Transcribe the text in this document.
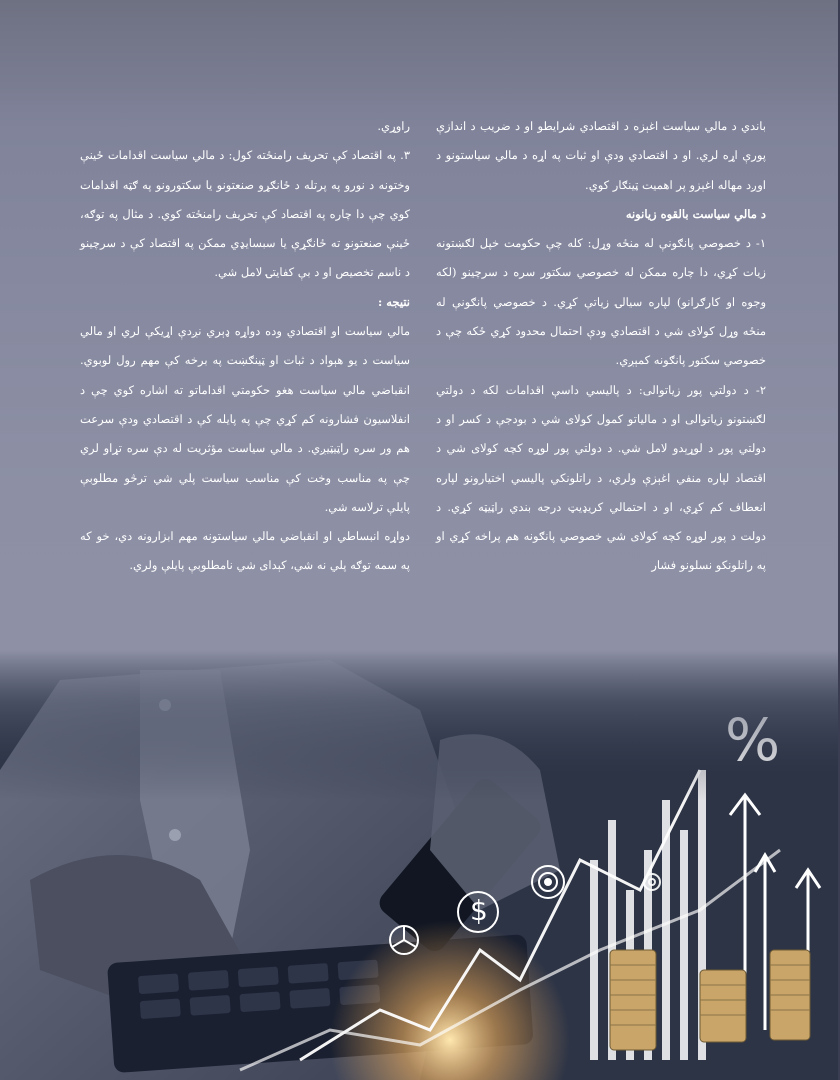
باندي د مالي سياست اغېزه د اقتصادي شرايطو او د ضريب د اندازې پورې اړه لري. او د اقتصادي ودې او ثبات په اړه د مالي سياستونو د اوږد مهاله اغېزو پر اهميت ټينګار کوي.

د مالي سياست بالقوه زيانونه

١- د خصوصي پانګونې له منځه وړل: کله چې حکومت خپل لګښتونه زيات کړي، دا چاره ممکن له خصوصي سکتور سره د سرچينو (لکه وجوه او کارګرانو) لپاره سيالۍ زياتې کړي. د خصوصي پانګونې له منځه وړل کولای شي د اقتصادي ودې احتمال محدود کړي ځکه چې د خصوصي سکتور پانګونه کمېږي.

٢- د دولتي پور زياتوالی: د پاليسي داسې اقدامات لکه د دولتي لګښتونو زياتوالی او د مالياتو کمول کولای شي د بودجې د کسر او د دولتي پور د لوړېدو لامل شي. د دولتي پور لوړه کچه کولای شي د اقتصاد لپاره منفي اغېزې ولري، د راتلونکي پاليسي اختيارونو لپاره انعطاف کم کړي، او د احتمالي کريډيټ درجه بندي راټيټه کړي. د دولت د پور لوړه کچه کولای شي خصوصي پانګونه هم پراخه کړي او په راتلونکو نسلونو فشار

راوړي.

٣. په اقتصاد کې تحريف رامنځته کول: د مالي سياست اقدامات ځينې وختونه د نورو په پرتله د ځانګړو صنعتونو يا سکتورونو په ګټه اقدامات کوي چې دا چاره په اقتصاد کې تحريف رامنځته کوي. د مثال په توګه، ځينې صنعتونو ته ځانګړې يا سبسايډي ممکن په اقتصاد کې د سرچينو د ناسم تخصيص او د بې کفايتۍ لامل شي.

نتيجه :

مالي سياست او اقتصادي وده دواړه ډېري نږدې اړيکې لري او مالي سياست د يو هېواد د ثبات او ټينګښت په برخه کې مهم رول لوبوي. انقباضي مالي سياست هغو حکومتي اقداماتو ته اشاره کوي چې د انفلاسيون فشارونه کم کړي چې په پايله کې د اقتصادي ودې سرعت هم ور سره راټيټيږي. د مالي سياست مؤثريت له دې سره تړاو لري چې په مناسب وخت کې مناسب سياست پلي شي ترڅو مطلوبې پايلې ترلاسه شي.

دواړه انبساطي او انقباضي مالي سياستونه مهم ابزارونه دي، خو که په سمه توګه پلي نه شي، کېدای شي نامطلوبې پايلې ولري.

$
